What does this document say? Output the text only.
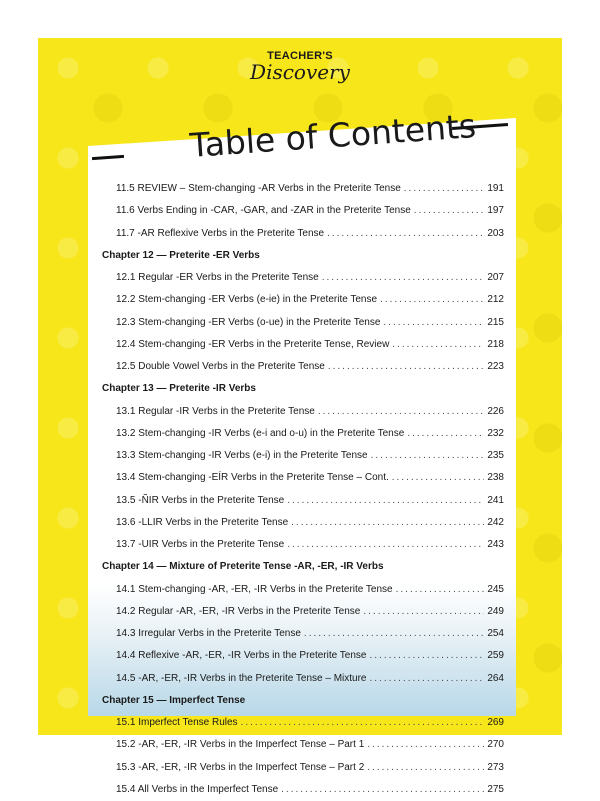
TEACHER'S
Discovery
Table of Contents
11.5 REVIEW – Stem-changing -AR Verbs in the Preterite Tense .....	191
11.6 Verbs Ending in -CAR, -GAR, and -ZAR in the Preterite Tense .....	197
11.7 -AR Reflexive Verbs in the Preterite Tense .....	203
Chapter 12 — Preterite -ER Verbs
12.1 Regular -ER Verbs in the Preterite Tense .....	207
12.2 Stem-changing -ER Verbs (e-ie) in the Preterite Tense .....	212
12.3 Stem-changing -ER Verbs (o-ue) in the Preterite Tense .....	215
12.4 Stem-changing -ER Verbs in the Preterite Tense, Review .....	218
12.5 Double Vowel Verbs in the Preterite Tense .....	223
Chapter 13 — Preterite -IR Verbs
13.1 Regular -IR Verbs in the Preterite Tense .....	226
13.2 Stem-changing -IR Verbs (e-i and o-u) in the Preterite Tense .....	232
13.3 Stem-changing -IR Verbs (e-i) in the Preterite Tense .....	235
13.4 Stem-changing -EÍR Verbs in the Preterite Tense – Cont. .....	238
13.5 -ÑIR Verbs in the Preterite Tense .....	241
13.6 -LLIR Verbs in the Preterite Tense .....	242
13.7 -UIR Verbs in the Preterite Tense .....	243
Chapter 14 — Mixture of Preterite Tense -AR, -ER, -IR Verbs
14.1 Stem-changing -AR, -ER, -IR Verbs in the Preterite Tense .....	245
14.2 Regular -AR, -ER, -IR Verbs in the Preterite Tense .....	249
14.3 Irregular Verbs in the Preterite Tense .....	254
14.4 Reflexive -AR, -ER, -IR Verbs in the Preterite Tense .....	259
14.5 -AR, -ER, -IR Verbs in the Preterite Tense – Mixture .....	264
Chapter 15 — Imperfect Tense
15.1 Imperfect Tense Rules .....	269
15.2 -AR, -ER, -IR Verbs in the Imperfect Tense – Part 1 .....	270
15.3 -AR, -ER, -IR Verbs in the Imperfect Tense – Part 2 .....	273
15.4 All Verbs in the Imperfect Tense .....	275
